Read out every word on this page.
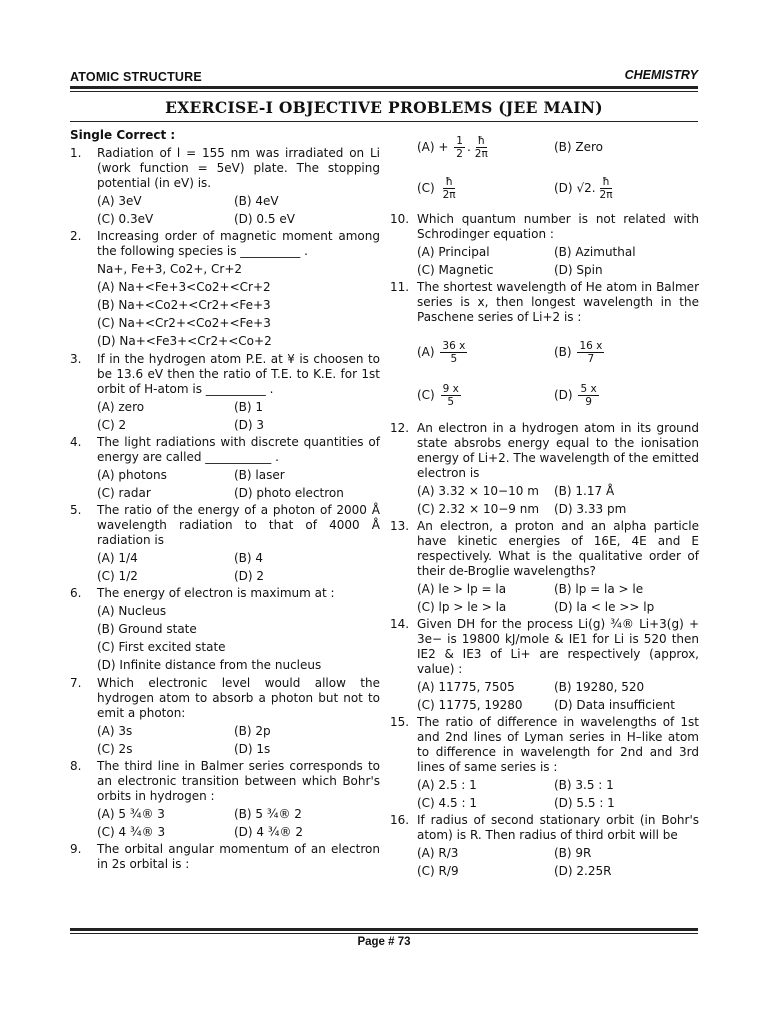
ATOMIC STRUCTURE	CHEMISTRY
EXERCISE-I OBJECTIVE PROBLEMS (JEE MAIN)
Single Correct :
1.	Radiation of l = 155 nm was irradiated on Li (work function = 5eV) plate. The stopping potential (in eV) is.
(A) 3eV	(B) 4eV
(C) 0.3eV	(D) 0.5 eV
2.	Increasing order of magnetic moment among the following species is __________ .
Na+, Fe+3, Co2+, Cr+2
(A) Na+<Fe+3<Co2+<Cr+2
(B) Na+<Co2+<Cr2+<Fe+3
(C) Na+<Cr2+<Co2+<Fe+3
(D) Na+<Fe3+<Cr2+<Co+2
3.	If in the hydrogen atom P.E. at ¥ is choosen to be 13.6 eV then the ratio of T.E. to K.E. for 1st orbit of H-atom is __________ .
(A) zero	(B) 1
(C) 2	(D) 3
4.	The light radiations with discrete quantities of energy are called ___________ .
(A) photons	(B) laser
(C) radar	(D) photo electron
5.	The ratio of the energy of a photon of 2000 Å wavelength radiation to that of 4000 Å radiation is
(A) 1/4	(B) 4
(C) 1/2	(D) 2
6.	The energy of electron is maximum at :
(A) Nucleus
(B) Ground state
(C) First excited state
(D) Infinite distance from the nucleus
7.	Which electronic level would allow the hydrogen atom to absorb a photon but not to emit a photon:
(A) 3s	(B) 2p
(C) 2s	(D) 1s
8.	The third line in Balmer series corresponds to an electronic transition between which Bohr's orbits in hydrogen :
(A) 5 ¾® 3	(B) 5 ¾® 2
(C) 4 ¾® 3	(D) 4 ¾® 2
9.	The orbital angular momentum of an electron in 2s orbital is :
$(A) + \frac{1}{2}$ . $\frac{ħ}{2\pi}$	(B) Zero
$(C) \frac{ħ}{2\pi}$	(D) √2. $\frac{ħ}{2\pi}$
10. Which quantum number is not related with Schrodinger equation :
(A) Principal	(B) Azimuthal
(C) Magnetic	(D) Spin
11. The shortest wavelength of He atom in Balmer series is x, then longest wavelength in the Paschene series of Li+2 is :
$(A) \frac{36 x}{5}$	$(B) \frac{16 x}{7}$
$(C) \frac{9 x}{5}$	$(D) \frac{5 x}{9}$
12. An electron in a hydrogen atom in its ground state absrobs energy equal to the ionisation energy of Li+2. The wavelength of the emitted electron is
(A) 3.32 × 10−10 m	(B) 1.17 Å
(C) 2.32 × 10−9 nm	(D) 3.33 pm
13. An electron, a proton and an alpha particle have kinetic energies of 16E, 4E and E respectively. What is the qualitative order of their de-Broglie wavelengths?
(A) le > lp = la	(B) lp = la > le
(C) lp > le > la	(D) la < le >> lp
14. Given DH for the process Li(g) ¾® Li+3(g) + 3e− is 19800 kJ/mole & IE1 for Li is 520 then IE2 & IE3 of Li+ are respectively (approx, value) :
(A) 11775, 7505	(B) 19280, 520
(C) 11775, 19280	(D) Data insufficient
15. The ratio of difference in wavelengths of 1st and 2nd lines of Lyman series in H–like atom to difference in wavelength for 2nd and 3rd lines of same series is :
(A) 2.5 : 1	(B) 3.5 : 1
(C) 4.5 : 1	(D) 5.5 : 1
16. If radius of second stationary orbit (in Bohr's atom) is R. Then radius of third orbit will be
(A) R/3	(B) 9R
(C) R/9	(D) 2.25R
Page # 73
